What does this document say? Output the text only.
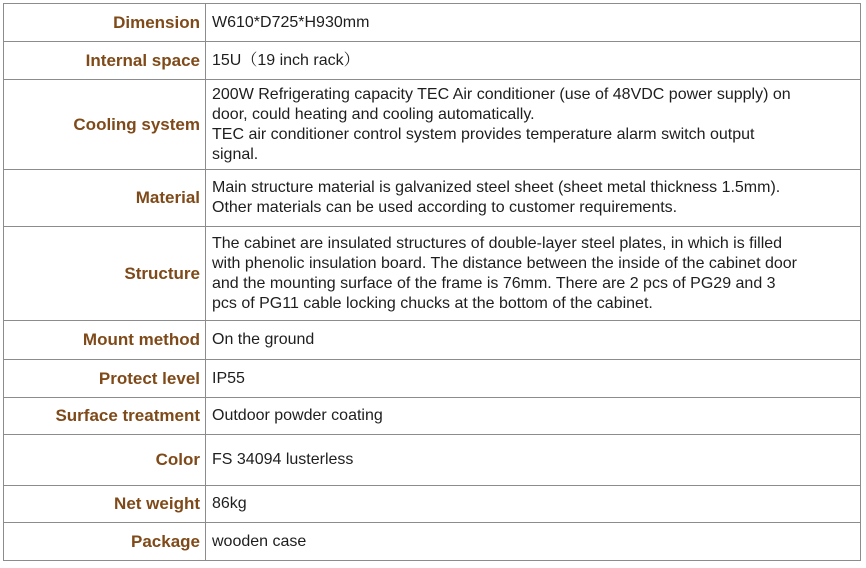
Dimension	W610*D725*H930mm

Internal space	15U（19 inch rack）

Cooling system	200W Refrigerating capacity TEC Air conditioner (use of 48VDC power supply) on
door, could heating and cooling automatically.
TEC air conditioner control system provides temperature alarm switch output
signal.

Material	Main structure material is galvanized steel sheet (sheet metal thickness 1.5mm).
Other materials can be used according to customer requirements.

Structure	The cabinet are insulated structures of double-layer steel plates, in which is filled
with phenolic insulation board. The distance between the inside of the cabinet door
and the mounting surface of the frame is 76mm. There are 2 pcs of PG29 and 3
pcs of PG11 cable locking chucks at the bottom of the cabinet.

Mount method	On the ground

Protect level	IP55

Surface treatment	Outdoor powder coating

Color	FS 34094 lusterless

Net weight	86kg

Package	wooden case
